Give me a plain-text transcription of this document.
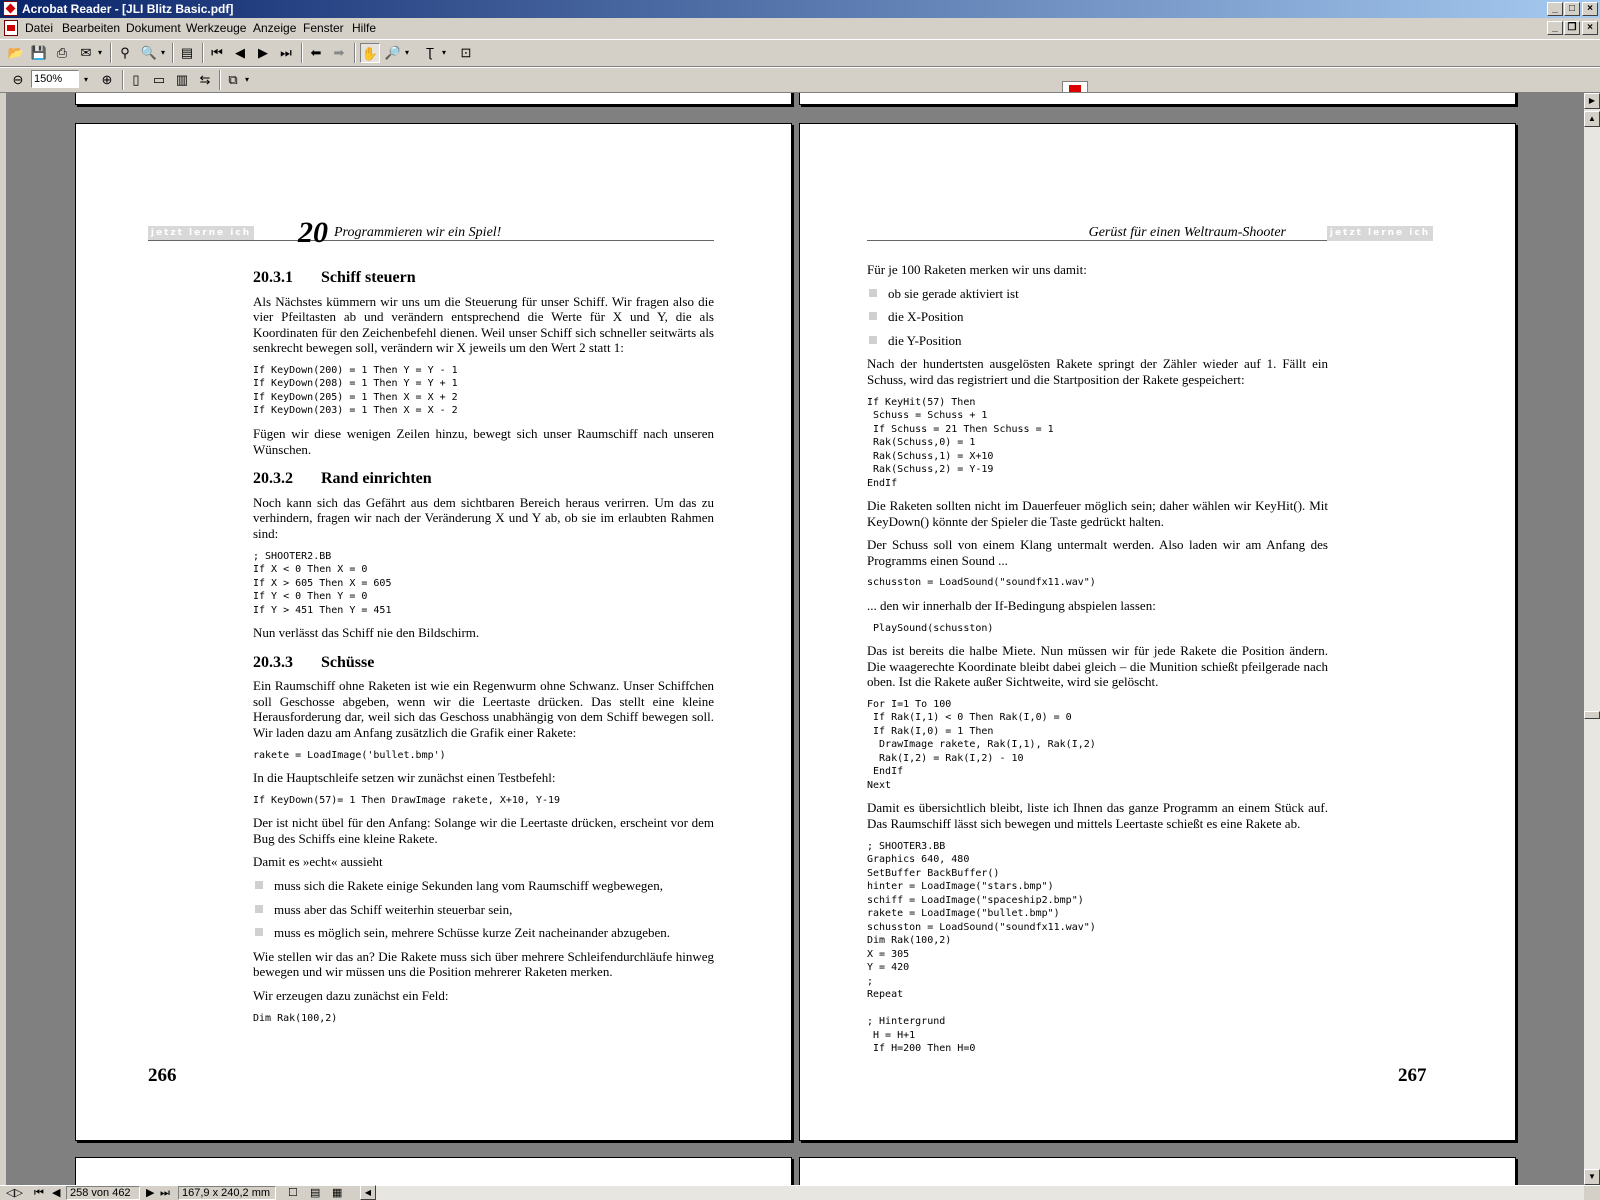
Acrobat Reader - [JLI Blitz Basic.pdf]	_	□	×
Datei Bearbeiten Dokument Werkzeuge Anzeige Fenster Hilfe	_ ❐	×
📂 💾 ⎙	✉ ▾	⚲ 🔍 ▾ ▤	⏮ ◀	▶ ⏭	⬅ ➡	✋ 🔎 ▾	Ʈ	▾	⊡
⊖	▾	⊕	▯	▭ ▥ ⇆	⧉ ▾
150%
jetzt lerne ich 20 Programmieren wir ein Spiel!
20.3.1 Schiff steuern
Als Nächstes kümmern wir uns um die Steuerung für unser Schiff. Wir fragen also die vier Pfeiltasten ab und verändern entsprechend die Werte für X und Y, die als Koordinaten für den Zeichenbefehl dienen. Weil unser Schiff sich schneller seitwärts als senkrecht bewegen soll, verändern wir X jeweils um den Wert 2 statt 1:
If KeyDown(200) = 1 Then Y = Y - 1
If KeyDown(208) = 1 Then Y = Y + 1
If KeyDown(205) = 1 Then X = X + 2
If KeyDown(203) = 1 Then X = X - 2
Fügen wir diese wenigen Zeilen hinzu, bewegt sich unser Raumschiff nach unseren Wünschen.
20.3.2 Rand einrichten
Noch kann sich das Gefährt aus dem sichtbaren Bereich heraus verirren. Um das zu verhindern, fragen wir nach der Veränderung X und Y ab, ob sie im erlaubten Rahmen sind:
; SHOOTER2.BB
If X < 0 Then X = 0
If X > 605 Then X = 605
If Y < 0 Then Y = 0
If Y > 451 Then Y = 451
Nun verlässt das Schiff nie den Bildschirm.
20.3.3 Schüsse
Ein Raumschiff ohne Raketen ist wie ein Regenwurm ohne Schwanz. Unser Schiffchen soll Geschosse abgeben, wenn wir die Leertaste drücken. Das stellt eine kleine Herausforderung dar, weil sich das Geschoss unabhängig von dem Schiff bewegen soll. Wir laden dazu am Anfang zusätzlich die Grafik einer Rakete:
rakete = LoadImage('bullet.bmp')
In die Hauptschleife setzen wir zunächst einen Testbefehl:
If KeyDown(57)= 1 Then DrawImage rakete, X+10, Y-19
Der ist nicht übel für den Anfang: Solange wir die Leertaste drücken, erscheint vor dem Bug des Schiffs eine kleine Rakete.
Damit es »echt« aussieht
muss sich die Rakete einige Sekunden lang vom Raumschiff wegbewegen,
muss aber das Schiff weiterhin steuerbar sein,
muss es möglich sein, mehrere Schüsse kurze Zeit nacheinander abzugeben.
Wie stellen wir das an? Die Rakete muss sich über mehrere Schleifendurchläufe hinweg bewegen und wir müssen uns die Position mehrerer Raketen merken.
Wir erzeugen dazu zunächst ein Feld:
Dim Rak(100,2)
266
Gerüst für einen Weltraum-Shooter	jetzt lerne ich
Für je 100 Raketen merken wir uns damit:
ob sie gerade aktiviert ist
die X-Position
die Y-Position
Nach der hundertsten ausgelösten Rakete springt der Zähler wieder auf 1. Fällt ein Schuss, wird das registriert und die Startposition der Rakete gespeichert:
If KeyHit(57) Then
Schuss = Schuss + 1
If Schuss = 21 Then Schuss = 1
Rak(Schuss,0) = 1
Rak(Schuss,1) = X+10
Rak(Schuss,2) = Y-19
EndIf
Die Raketen sollten nicht im Dauerfeuer möglich sein; daher wählen wir KeyHit(). Mit KeyDown() könnte der Spieler die Taste gedrückt halten.
Der Schuss soll von einem Klang untermalt werden. Also laden wir am Anfang des Programms einen Sound ...
schusston = LoadSound("soundfx11.wav")
... den wir innerhalb der If-Bedingung abspielen lassen:
PlaySound(schusston)
Das ist bereits die halbe Miete. Nun müssen wir für jede Rakete die Position ändern. Die waagerechte Koordinate bleibt dabei gleich – die Munition schießt pfeilgerade nach oben. Ist die Rakete außer Sichtweite, wird sie gelöscht.
For I=1 To 100
If Rak(I,1) < 0 Then Rak(I,0) = 0
If Rak(I,0) = 1 Then
DrawImage rakete, Rak(I,1), Rak(I,2)
Rak(I,2) = Rak(I,2) - 10
EndIf
Next
Damit es übersichtlich bleibt, liste ich Ihnen das ganze Programm an einem Stück auf. Das Raumschiff lässt sich bewegen und mittels Leertaste schießt es eine Rakete ab.
; SHOOTER3.BB
Graphics 640, 480
SetBuffer BackBuffer()
hinter = LoadImage("stars.bmp")
schiff = LoadImage("spaceship2.bmp")
rakete = LoadImage("bullet.bmp")
schusston = LoadSound("soundfx11.wav")
Dim Rak(100,2)
X = 305
Y = 420
;
Repeat

; Hintergrund
H = H+1
If H=200 Then H=0
267
▶
▲
▼
◁▷ ⏮ ◀ 258 von 462	▶ ⏭	167,9 x 240,2 mm	☐ ▤ ▦	◀
